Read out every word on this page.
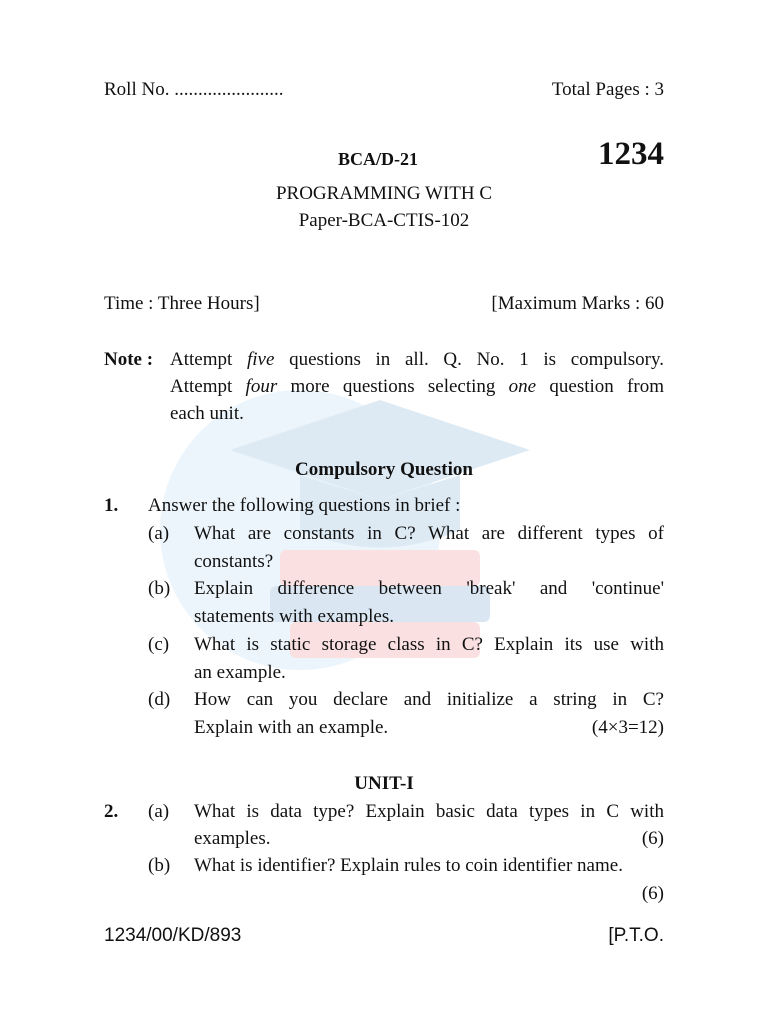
Roll No. .......................	Total Pages : 3
BCA/D-21	1234
PROGRAMMING WITH C
Paper-BCA-CTIS-102
Time : Three Hours]	[Maximum Marks : 60
Note : Attempt five questions in all. Q. No. 1 is compulsory.
Attempt four more questions selecting one question from
each unit.
Compulsory Question
1. Answer the following questions in brief :
(a) What are constants in C? What are different types of
constants?
(b) Explain difference between 'break' and 'continue'
statements with examples.
(c) What is static storage class in C? Explain its use with
an example.
(d) How can you declare and initialize a string in C?
Explain with an example.	(4×3=12)
UNIT-I
2. (a) What is data type? Explain basic data types in C with
examples.	(6)
(b) What is identifier? Explain rules to coin identifier name.
(6)
1234/00/KD/893	[P.T.O.
